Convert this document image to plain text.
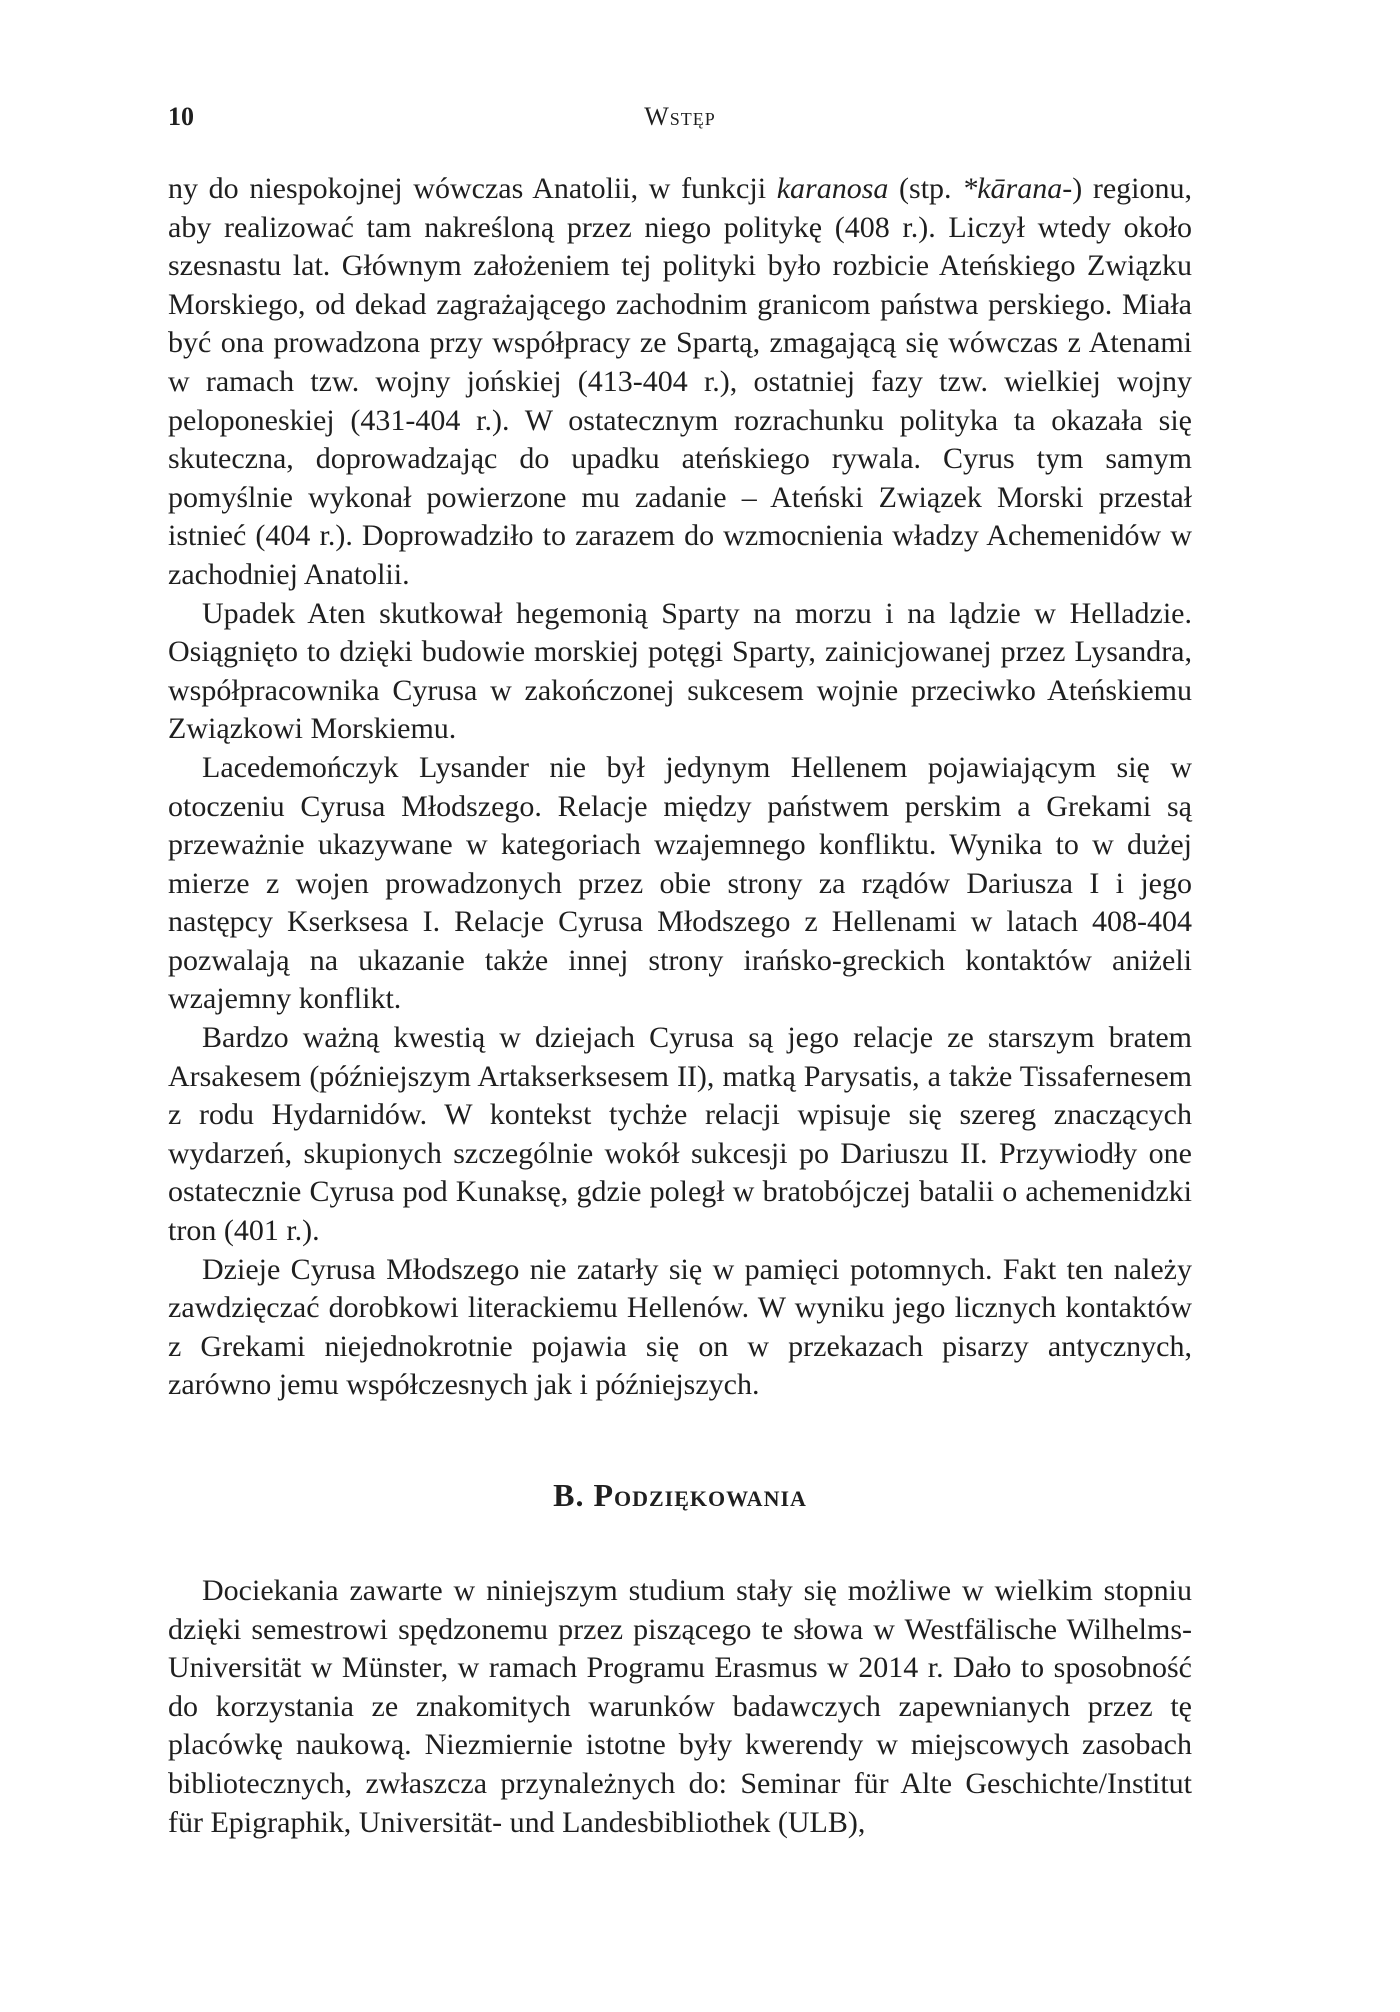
10	Wstęp

ny do niespokojnej wówczas Anatolii, w funkcji karanosa (stp. *kārana-) regionu, aby realizować tam nakreśloną przez niego politykę (408 r.). Liczył wtedy około szesnastu lat. Głównym założeniem tej polityki było rozbicie Ateńskiego Związku Morskiego, od dekad zagrażającego zachodnim granicom państwa perskiego. Miała być ona prowadzona przy współpracy ze Spartą, zmagającą się wówczas z Atenami w ramach tzw. wojny jońskiej (413-404 r.), ostatniej fazy tzw. wielkiej wojny peloponeskiej (431-404 r.). W ostatecznym rozrachunku polityka ta okazała się skuteczna, doprowadzając do upadku ateńskiego rywala. Cyrus tym samym pomyślnie wykonał powierzone mu zadanie – Ateński Związek Morski przestał istnieć (404 r.). Doprowadziło to zarazem do wzmocnienia władzy Achemenidów w zachodniej Anatolii.

Upadek Aten skutkował hegemonią Sparty na morzu i na lądzie w Helladzie. Osiągnięto to dzięki budowie morskiej potęgi Sparty, zainicjowanej przez Lysandra, współpracownika Cyrusa w zakończonej sukcesem wojnie przeciwko Ateńskiemu Związkowi Morskiemu.

Lacedemończyk Lysander nie był jedynym Hellenem pojawiającym się w otoczeniu Cyrusa Młodszego. Relacje między państwem perskim a Grekami są przeważnie ukazywane w kategoriach wzajemnego konfliktu. Wynika to w dużej mierze z wojen prowadzonych przez obie strony za rządów Dariusza I i jego następcy Kserksesa I. Relacje Cyrusa Młodszego z Hellenami w latach 408-404 pozwalają na ukazanie także innej strony irańsko-greckich kontaktów aniżeli wzajemny konflikt.

Bardzo ważną kwestią w dziejach Cyrusa są jego relacje ze starszym bratem Arsakesem (późniejszym Artakserksesem II), matką Parysatis, a także Tissafernesem z rodu Hydarnidów. W kontekst tychże relacji wpisuje się szereg znaczących wydarzeń, skupionych szczególnie wokół sukcesji po Dariuszu II. Przywiodły one ostatecznie Cyrusa pod Kunaksę, gdzie poległ w bratobójczej batalii o achemenidzki tron (401 r.).

Dzieje Cyrusa Młodszego nie zatarły się w pamięci potomnych. Fakt ten należy zawdzięczać dorobkowi literackiemu Hellenów. W wyniku jego licznych kontaktów z Grekami niejednokrotnie pojawia się on w przekazach pisarzy antycznych, zarówno jemu współczesnych jak i późniejszych.

B. Podziękowania

Dociekania zawarte w niniejszym studium stały się możliwe w wielkim stopniu dzięki semestrowi spędzonemu przez piszącego te słowa w Westfälische Wilhelms-Universität w Münster, w ramach Programu Erasmus w 2014 r. Dało to sposobność do korzystania ze znakomitych warunków badawczych zapewnianych przez tę placówkę naukową. Niezmiernie istotne były kwerendy w miejscowych zasobach bibliotecznych, zwłaszcza przynależnych do: Seminar für Alte Geschichte/Institut für Epigraphik, Universität- und Landesbibliothek (ULB),
